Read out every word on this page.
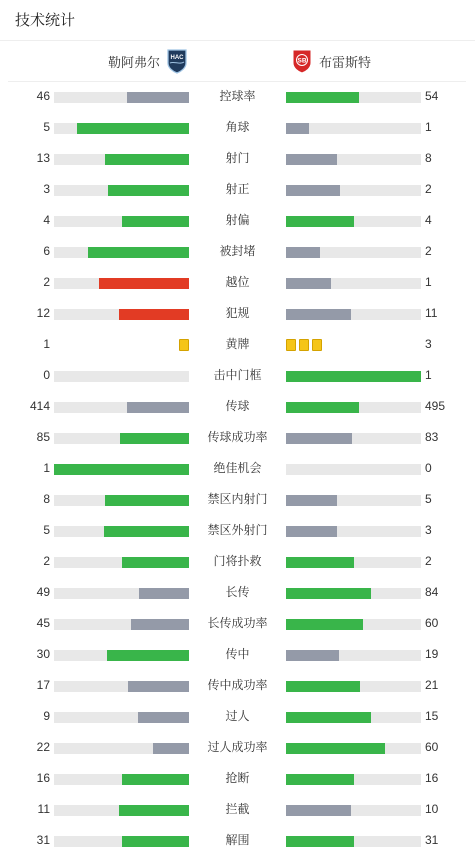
技术统计
勒阿弗尔 HAC	SB 布雷斯特
46	控球率	54
5	角球	1
13	射门	8
3	射正	2
4	射偏	4
6	被封堵	2
2	越位	1
12	犯规	11
1	黄牌	3
0	击中门框	1
414	传球	495
85	传球成功率	83
1	绝佳机会	0
8	禁区内射门	5
5	禁区外射门	3
2	门将扑救	2
49	长传	84
45	长传成功率	60
30	传中	19
17	传中成功率	21
9	过人	15
22	过人成功率	60
16	抢断	16
11	拦截	10
31	解围	31
